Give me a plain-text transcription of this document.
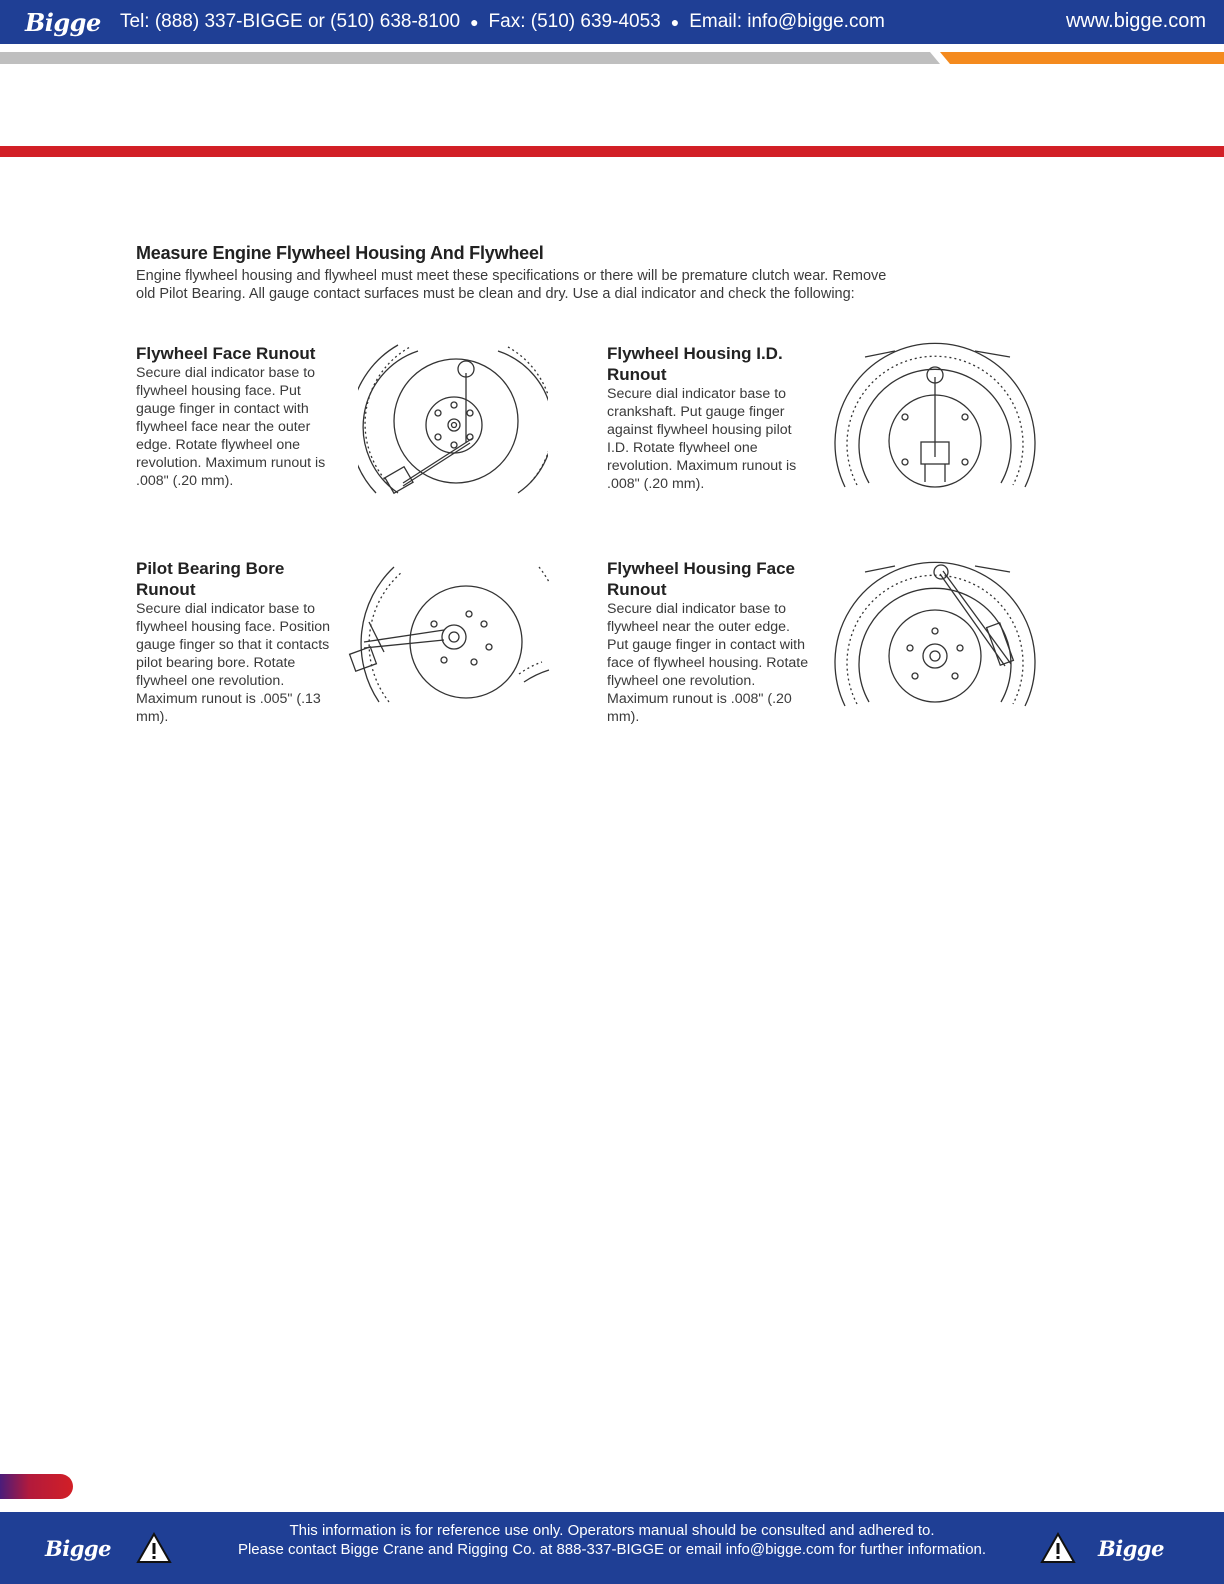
Bigge	Tel: (888) 337-BIGGE or (510) 638-8100 ● Fax: (510) 639-4053 ● Email: info@bigge.com	www.bigge.com
Measure Engine Flywheel Housing And Flywheel

Engine flywheel housing and flywheel must meet these specifications or there will be premature clutch wear. Remove old Pilot Bearing. All gauge contact surfaces must be clean and dry. Use a dial indicator and check the following:

Flywheel Face Runout

Secure dial indicator base to flywheel housing face. Put gauge finger in contact with flywheel face near the outer edge. Rotate flywheel one revolution. Maximum runout is .008" (.20 mm).

Flywheel Housing I.D. Runout

Secure dial indicator base to crankshaft. Put gauge finger against flywheel housing pilot I.D. Rotate flywheel one revolution. Maximum runout is .008" (.20 mm).

Pilot Bearing Bore Runout

Secure dial indicator base to flywheel housing face. Position gauge finger so that it contacts pilot bearing bore. Rotate flywheel one revolution. Maximum runout is .005" (.13 mm).

Flywheel Housing Face Runout

Secure dial indicator base to flywheel near the outer edge. Put gauge finger in contact with face of flywheel housing. Rotate flywheel one revolution. Maximum runout is .008" (.20 mm).

Bigge
This information is for reference use only. Operators manual should be consulted and adhered to.
Please contact Bigge Crane and Rigging Co. at 888-337-BIGGE or email info@bigge.com for further information.	Bigge
